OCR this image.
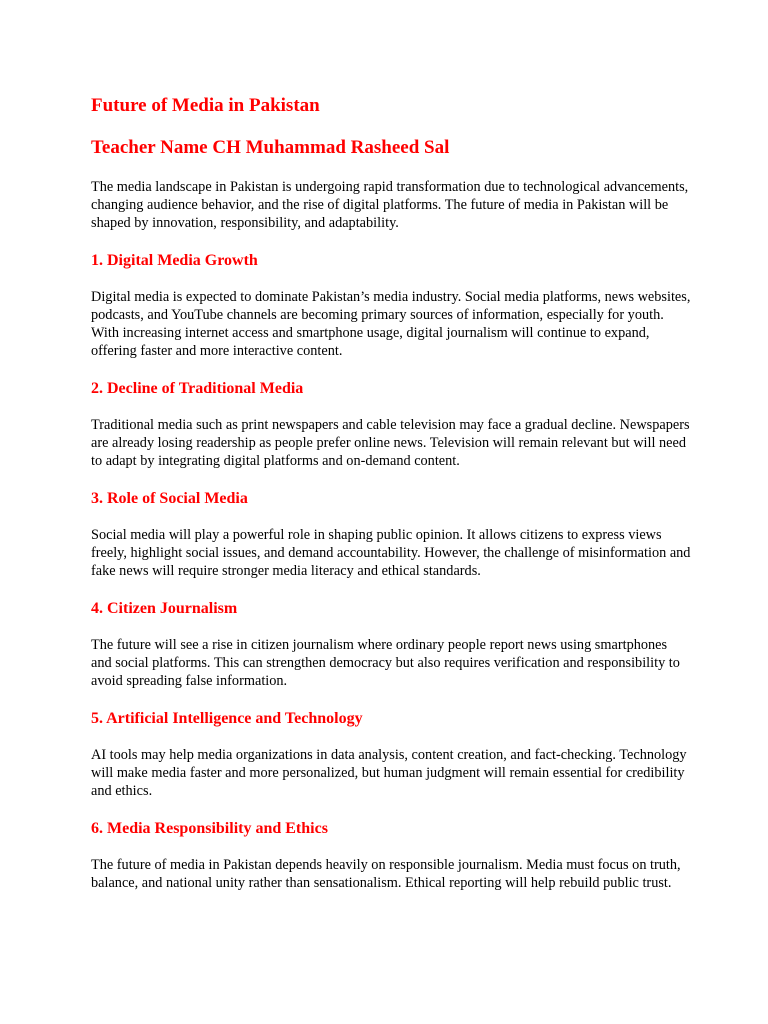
Future of Media in Pakistan
Teacher Name CH Muhammad Rasheed Sal

The media landscape in Pakistan is undergoing rapid transformation due to technological advancements, changing audience behavior, and the rise of digital platforms. The future of media in Pakistan will be shaped by innovation, responsibility, and adaptability.

1. Digital Media Growth

Digital media is expected to dominate Pakistan’s media industry. Social media platforms, news websites, podcasts, and YouTube channels are becoming primary sources of information, especially for youth. With increasing internet access and smartphone usage, digital journalism will continue to expand, offering faster and more interactive content.

2. Decline of Traditional Media

Traditional media such as print newspapers and cable television may face a gradual decline. Newspapers are already losing readership as people prefer online news. Television will remain relevant but will need to adapt by integrating digital platforms and on-demand content.

3. Role of Social Media

Social media will play a powerful role in shaping public opinion. It allows citizens to express views freely, highlight social issues, and demand accountability. However, the challenge of misinformation and fake news will require stronger media literacy and ethical standards.

4. Citizen Journalism

The future will see a rise in citizen journalism where ordinary people report news using smartphones and social platforms. This can strengthen democracy but also requires verification and responsibility to avoid spreading false information.

5. Artificial Intelligence and Technology

AI tools may help media organizations in data analysis, content creation, and fact-checking. Technology will make media faster and more personalized, but human judgment will remain essential for credibility and ethics.

6. Media Responsibility and Ethics

The future of media in Pakistan depends heavily on responsible journalism. Media must focus on truth, balance, and national unity rather than sensationalism. Ethical reporting will help rebuild public trust.
